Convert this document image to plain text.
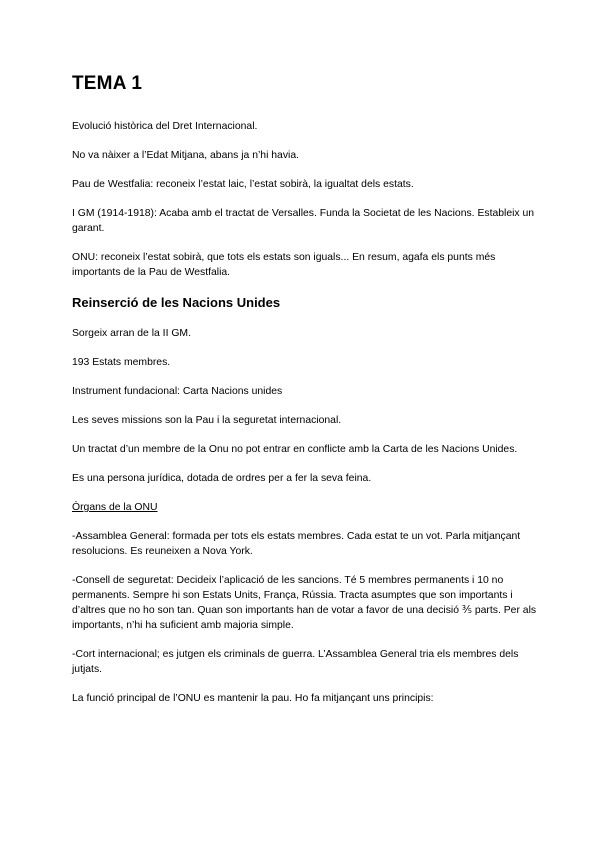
TEMA 1

Evolució històrica del Dret Internacional.

No va nàixer a l’Edat Mitjana, abans ja n’hi havia.

Pau de Westfalia: reconeix l’estat laic, l’estat sobirà, la igualtat dels estats.

I GM (1914-1918): Acaba amb el tractat de Versalles. Funda la Societat de les Nacions. Estableix un garant.

ONU: reconeix l’estat sobirà, que tots els estats son iguals... En resum, agafa els punts més importants de la Pau de Westfalia.

Reinserció de les Nacions Unides

Sorgeix arran de la II GM.

193 Estats membres.

Instrument fundacional: Carta Nacions unides

Les seves missions son la Pau i la seguretat internacional.

Un tractat d’un membre de la Onu no pot entrar en conflicte amb la Carta de les Nacions Unides.

Es una persona jurídica, dotada de ordres per a fer la seva feina.

Òrgans de la ONU

-Assamblea General: formada per tots els estats membres. Cada estat te un vot. Parla mitjançant resolucions. Es reuneixen a Nova York.

-Consell de seguretat: Decideix l’aplicació de les sancions. Té 5 membres permanents i 10 no permanents. Sempre hi son Estats Units, França, Rússia. Tracta asumptes que son importants i d’altres que no ho son tan. Quan son importants han de votar a favor de una decisió ⅗ parts. Per als importants, n’hi ha suficient amb majoria simple.

-Cort internacional; es jutgen els criminals de guerra. L’Assamblea General tria els membres dels jutjats.

La funció principal de l’ONU es mantenir la pau. Ho fa mitjançant uns principis:
